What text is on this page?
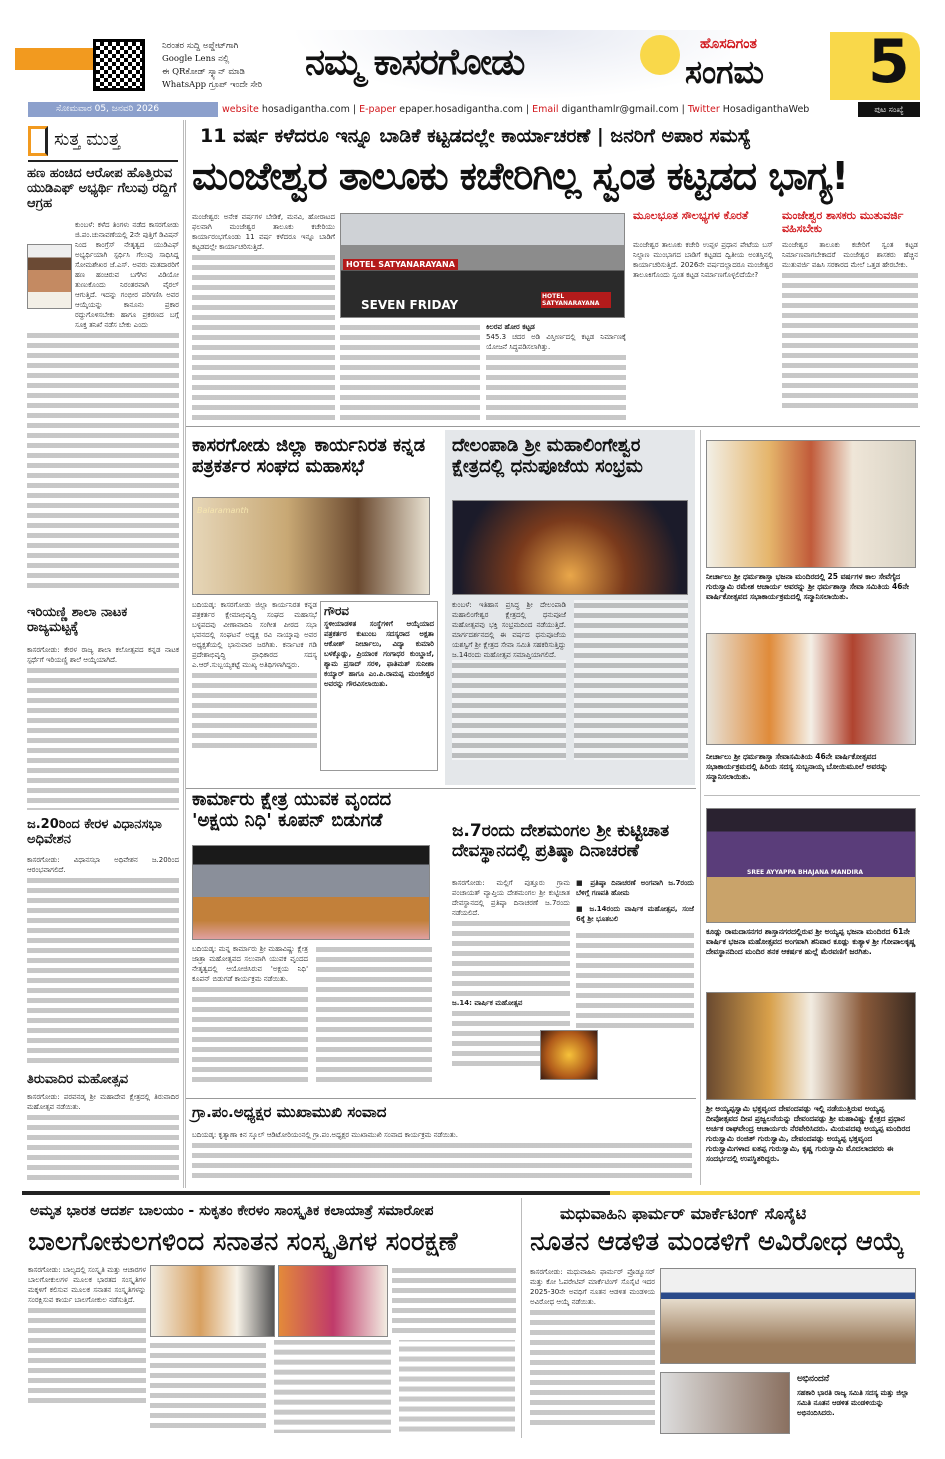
ನಿರಂತರ ಸುದ್ದಿ ಅಪ್ಡೇಟ್‌ಗಾಗಿ
Google Lens ನಲ್ಲಿ
ಈ QRಕೋಡ್ ಸ್ಕ್ಯಾನ್ ಮಾಡಿ
WhatsApp ಗ್ರೂಪ್ ಇಂದೇ ಸೇರಿ
ನಮ್ಮ ಕಾಸರಗೋಡು	ಹೊಸದಿಗಂತ
ಸಂಗಮ 5
ಸೋಮವಾರ 05, ಜನವರಿ 2026	website hosadigantha.com | E-paper epaper.hosadigantha.com | Email diganthamlr@gmail.com | Twitter HosadiganthaWeb	ಪುಟ ಸಂಖ್ಯೆ
ಸುತ್ತ ಮುತ್ತ
ಹಣ ಹಂಚಿದ ಆರೋಪ ಹೊತ್ತಿರುವ ಯುಡಿಎಫ್ ಅಭ್ಯರ್ಥಿ ಗೆಲುವು ರದ್ದಿಗೆ ಆಗ್ರಹ
ಕುಂಬಳೆ: ಕಳೆದ ತಿಂಗಳು ನಡೆದ ಕಾಸರಗೋಡು ಜಿ.ಪಂ.ಚುನಾವಣೆಯಲ್ಲಿ 2ನೇ ಪುತ್ತಿಗೆ ಡಿವಿಷನ್ ನಿಂದ ಕಾಂಗ್ರೆಸ್ ನೇತೃತ್ವದ ಯುಡಿಎಫ್ ಅಭ್ಯರ್ಥಿಯಾಗಿ ಸ್ಪರ್ಧಿಸಿ ಗೆಲುವು ಸಾಧಿಸಿದ್ದ ಸೋಮಶೇಖರ ಜೆ.ಎಸ್. ಅವರು ಮತದಾರರಿಗೆ ಹಣ ಹಂಚಿರುವ ಬಗೆಗಿನ ವಿಡಿಯೋ ತುಣುಕೊಂದು ನಿರಂತರವಾಗಿ ವೈರಲ್ ಆಗುತ್ತಿದೆ. ಇದನ್ನು ಗಂಭೀರ ಪರಿಗಣಿಸಿ ಅವರ ಆಯ್ಕೆಯನ್ನು ಕಾನೂನು ಪ್ರಕಾರ ರದ್ದುಗೊಳಿಸಬೇಕು ಹಾಗೂ ಪ್ರಕರಣದ ಬಗ್ಗೆ ಸೂಕ್ತ ತನಿಖೆ ನಡೆಸ ಬೇಕು ಎಂದು
ಇರಿಯಣ್ಣಿ ಶಾಲಾ ನಾಟಕ ರಾಜ್ಯಮಟ್ಟಕ್ಕೆ
ಕಾಸರಗೋಡು: ಕೇರಳ ರಾಜ್ಯ ಶಾಲಾ ಕಲೋತ್ಸವದ ಕನ್ನಡ ನಾಟಕ ಸ್ಪರ್ಧೆಗೆ ಇರಿಯಣ್ಣಿ ಶಾಲೆ ಆಯ್ಕೆಯಾಗಿದೆ.
ಜ.20ರಿಂದ ಕೇರಳ ವಿಧಾನಸಭಾ ಅಧಿವೇಶನ
ಕಾಸರಗೋಡು: ವಿಧಾನಸಭಾ ಅಧಿವೇಶನ ಜ.20ರಿಂದ ಆರಂಭವಾಗಲಿದೆ.
ತಿರುವಾದಿರ ಮಹೋತ್ಸವ
ಕಾಸರಗೋಡು: ಪರವನಡ್ಕ ಶ್ರೀ ಮಹಾದೇವ ಕ್ಷೇತ್ರದಲ್ಲಿ ತಿರುವಾದಿರ ಮಹೋತ್ಸವ ನಡೆಯಿತು.
11 ವರ್ಷ ಕಳೆದರೂ ಇನ್ನೂ ಬಾಡಿಕೆ ಕಟ್ಟಡದಲ್ಲೇ ಕಾರ್ಯಾಚರಣೆ | ಜನರಿಗೆ ಅಪಾರ ಸಮಸ್ಯೆ
ಮಂಜೇಶ್ವರ ತಾಲೂಕು ಕಚೇರಿಗಿಲ್ಲ ಸ್ವಂತ ಕಟ್ಟಡದ ಭಾಗ್ಯ!
ಮಂಜೇಶ್ವರ: ಅನೇಕ ವರ್ಷಗಳ ಬೇಡಿಕೆ, ಮನವಿ, ಹೋರಾಟದ ಫಲವಾಗಿ ಮಂಜೇಶ್ವರ ತಾಲೂಕು ಕಚೇರಿಯು ಕಾರ್ಯಾರಂಭಗೊಂಡು 11 ವರ್ಷ ಕಳೆದರೂ ಇನ್ನೂ ಬಾಡಿಗೆ ಕಟ್ಟಡದಲ್ಲೇ ಕಾರ್ಯಾಚರಿಸುತ್ತಿದೆ.
HOTEL SATYANARAYANA
SEVEN FRIDAY
HOTEL SATYANARAYANA
ಕಿಲರವ ಹೋರ ಕಟ್ಟಡ
545.3 ಚದರ ಅಡಿ ವಿಸ್ತೀರ್ಣದಲ್ಲಿ ಕಟ್ಟಡ ನಿರ್ಮಾಣಕ್ಕೆ ಯೋಜನೆ ಸಿದ್ಧಪಡಿಸಲಾಗಿತ್ತು.
ಮೂಲಭೂತ ಸೌಲಭ್ಯಗಳ ಕೊರತೆ
ಮಂಜೇಶ್ವರ ತಾಲೂಕು ಕಚೇರಿ ಉಪ್ಪಳ ಪ್ರಧಾನ ಪೇಟೆಯ ಬಸ್ ನಿಲ್ದಾಣ ಮುಂಭಾಗದ ಬಾಡಿಗೆ ಕಟ್ಟಡದ ದ್ವಿತೀಯ ಅಂತಸ್ತಿನಲ್ಲಿ ಕಾರ್ಯಾಚರಿಸುತ್ತಿದೆ. 2026ನೇ ವರ್ಷದಲ್ಲಾದರೂ ಮಂಜೇಶ್ವರ ತಾಲೂಕಿಗೊಂದು ಸ್ವಂತ ಕಟ್ಟಡ ನಿರ್ಮಾಣಗೊಳ್ಳಲಿದೆಯೇ?
ಮಂಜೇಶ್ವರ ಶಾಸಕರು ಮುತುವರ್ಜಿ ವಹಿಸಬೇಕು
ಮಂಜೇಶ್ವರ ತಾಲೂಕು ಕಚೇರಿಗೆ ಸ್ವಂತ ಕಟ್ಟಡ ನಿರ್ಮಾಣವಾಗಬೇಕಾದರೆ ಮಂಜೇಶ್ವರ ಶಾಸಕರು ಹೆಚ್ಚಿನ ಮುತುವರ್ಜಿ ವಹಿಸಿ ಸರಕಾರದ ಮೇಲೆ ಒತ್ತಡ ಹೇರಬೇಕು.
ಕಾಸರಗೋಡು ಜಿಲ್ಲಾ ಕಾರ್ಯನಿರತ ಕನ್ನಡ ಪತ್ರಕರ್ತರ ಸಂಘದ ಮಹಾಸಭೆ
Balaramanth
ಬದಿಯಡ್ಕ: ಕಾಸರಗೋಡು ಜಿಲ್ಲಾ ಕಾರ್ಯನಿರತ ಕನ್ನಡ ಪತ್ರಕರ್ತರ ಕ್ಷೇಮಾಭಿವೃದ್ಧಿ ಸಂಘದ ಮಹಾಸಭೆ ಬಳ್ಳಪದವು ವೀಣಾವಾದಿನಿ ಸಂಗೀತ ಪೀಠದ ಸಭಾ ಭವನದಲ್ಲಿ ಸಂಘಟನೆ ಅಧ್ಯಕ್ಷ ರವಿ ನಾಯ್ಕಾಪು ಅವರ ಅಧ್ಯಕ್ಷತೆಯಲ್ಲಿ ಭಾನುವಾರ ಜರಗಿತು. ಕರ್ನಾಟಕ ಗಡಿ ಪ್ರದೇಶಾಭಿವೃದ್ಧಿ ಪ್ರಾಧಿಕಾರದ ಸದಸ್ಯ ಎ.ಆರ್.ಸುಬ್ಬಯ್ಯಕಟ್ಟೆ ಮುಖ್ಯ ಅತಿಥಿಗಳಾಗಿದ್ದರು.
ಗೌರವ
ಸ್ಥಳೀಯಾಡಳಿತ ಸಂಸ್ಥೆಗಳಿಗೆ ಆಯ್ಕೆಯಾದ ಪತ್ರಕರ್ತರ ಕುಟುಂಬ ಸದಸ್ಯರಾದ ಅಕ್ಷತಾ ಆಕೋಶ್ ನೀರ್ಚಾಲು, ವಿದ್ಯಾ ಕುಮಾರಿ ಬಳಕ್ಕೊಡ್ಲು, ಪ್ರಿಯಾಂಕ ಗಂಗಾಧರ ಕುಂಬ್ಡಾಜೆ, ಶ್ಯಾಮ ಪ್ರಸಾದ್ ಸರಳಿ, ಫಾತಿಮತ್ ಸುನೀಶಾ ಕಯ್ಯಾರ್ ಹಾಗೂ ಎಂ.ಪಿ.ರಾಮಪ್ಪ ಮಂಜೇಶ್ವರ ಅವರನ್ನು ಗೌರವಿಸಲಾಯಿತು.
ದೇಲಂಪಾಡಿ ಶ್ರೀ ಮಹಾಲಿಂಗೇಶ್ವರ ಕ್ಷೇತ್ರದಲ್ಲಿ ಧನುಪೂಜೆಯ ಸಂಭ್ರಮ
ಕುಂಬಳೆ: ಇತಿಹಾಸ ಪ್ರಸಿದ್ಧ ಶ್ರೀ ದೇಲಂಪಾಡಿ ಮಹಾಲಿಂಗೇಶ್ವರ ಕ್ಷೇತ್ರದಲ್ಲಿ ಧನುಪೂಜೆ ಮಹೋತ್ಸವವು ಭಕ್ತಿ ಸಂಭ್ರಮದಿಂದ ನಡೆಯುತ್ತಿದೆ. ಮಾರ್ಗದರ್ಶನದಲ್ಲಿ ಈ ವರ್ಷದ ಧನುಪೂಜೆಯ ಯಶಸ್ವಿಗೆ ಶ್ರೀ ಕ್ಷೇತ್ರದ ಸೇವಾ ಸಮಿತಿ ಸಹಕರಿಸುತ್ತಿದ್ದು ಜ.14ರಂದು ಮಹೋತ್ಸವ ಸಮಾಪ್ತಿಯಾಗಲಿದೆ.
ನೀರ್ಚಾಲು ಶ್ರೀ ಧರ್ಮಶಾಸ್ತಾ ಭಜನಾ ಮಂದಿರದಲ್ಲಿ 25 ವರ್ಷಗಳ ಕಾಲ ಸೇವೆಗೈದ ಗುರುಸ್ವಾಮಿ ರಮೇಶ ಆಚಾರ್ಯ ಅವರನ್ನು ಶ್ರೀ ಧರ್ಮಶಾಸ್ತಾ ಸೇವಾ ಸಮಿತಿಯ 46ನೇ ವಾರ್ಷಿಕೋತ್ಸವದ ಸಭಾಕಾರ್ಯಕ್ರಮದಲ್ಲಿ ಸನ್ಮಾನಿಸಲಾಯಿತು.
ನೀರ್ಚಾಲು ಶ್ರೀ ಧರ್ಮಶಾಸ್ತಾ ಸೇವಾಸಮಿತಿಯ 46ನೇ ವಾರ್ಷಿಕೋತ್ಸವದ ಸಭಾಕಾರ್ಯಕ್ರಮದಲ್ಲಿ ಹಿರಿಯ ಸದಸ್ಯ ಸುಬ್ಬನಾಯ್ಕ ಬೋಯಿಮೂಲೆ ಅವರನ್ನು ಸನ್ಮಾನಿಸಲಾಯಿತು.
SREE AYYAPPA BHAJANA MANDIRA
ಕೂಡ್ಲು ರಾಮದಾಸನಗರ ಶಾಸ್ತಾನಗರದಲ್ಲಿರುವ ಶ್ರೀ ಅಯ್ಯಪ್ಪ ಭಜನಾ ಮಂದಿರದ 61ನೇ ವಾರ್ಷಿಕ ಭಜನಾ ಮಹೋತ್ಸವದ ಅಂಗವಾಗಿ ಶನಿವಾರ ಕೂಡ್ಲು ಕುತ್ಯಾಳ ಶ್ರೀ ಗೋಪಾಲಕೃಷ್ಣ ದೇವಸ್ಥಾನದಿಂದ ಮಂದಿರ ತನಕ ಆಕರ್ಷಕ ಹುಲ್ಲೆ ಮೆರವಣಿಗೆ ಜರಗಿತು.
ಶ್ರೀ ಅಯ್ಯಪ್ಪಸ್ವಾಮಿ ಭಕ್ತವೃಂದ ದೇವಂದಪಡ್ಪು ಇಲ್ಲಿ ನಡೆಯುತ್ತಿರುವ ಅಯ್ಯಪ್ಪ ದೀಪೋತ್ಸವದ ದೀಪ ಪ್ರಜ್ವಲನೆಯನ್ನು ದೇವಂದಪಡ್ಪು ಶ್ರೀ ಮಹಾವಿಷ್ಣು ಕ್ಷೇತ್ರದ ಪ್ರಧಾನ ಅರ್ಚಕ ರಾಘವೇಂದ್ರ ಆಚಾರ್ಯರು ನೆರವೇರಿಸಿದರು. ಮಿಯಪದವು ಅಯ್ಯಪ್ಪ ಮಂದಿರದ ಗುರುಸ್ವಾಮಿ ರಂಜಿತ್ ಗುರುಸ್ವಾಮಿ, ದೇವಂದಪಡ್ಪು ಅಯ್ಯಪ್ಪ ಭಕ್ತವೃಂದ ಗುರುಸ್ವಾಮಿಗಳಾದ ಐತಪ್ಪ ಗುರುಸ್ವಾಮಿ, ಕೃಷ್ಣ ಗುರುಸ್ವಾಮಿ ಮೊದಲಾದವರು ಈ ಸಂದರ್ಭದಲ್ಲಿ ಉಪಸ್ಥಿತರಿದ್ದರು.
ಕಾರ್ಮಾರು ಕ್ಷೇತ್ರ ಯುವಕ ವೃಂದದ 'ಅಕ್ಷಯ ನಿಧಿ' ಕೂಪನ್ ಬಿಡುಗಡೆ
ಬದಿಯಡ್ಕ: ಮನ್ನ ಕಾರ್ಮಾರು ಶ್ರೀ ಮಹಾವಿಷ್ಣು ಕ್ಷೇತ್ರ ಜಾತ್ರಾ ಮಹೋತ್ಸವದ ಸಲುವಾಗಿ ಯುವಕ ವೃಂದದ ನೇತೃತ್ವದಲ್ಲಿ ಆಯೋಜಿಸಿರುವ 'ಅಕ್ಷಯ ನಿಧಿ' ಕೂಪನ್ ಬಿಡುಗಡೆ ಕಾರ್ಯಕ್ರಮ ನಡೆಯಿತು.
ಜ.7ರಂದು ದೇಶಮಂಗಲ ಶ್ರೀ ಕುಟ್ಟಿಚಾತ ದೇವಸ್ಥಾನದಲ್ಲಿ ಪ್ರತಿಷ್ಠಾ ದಿನಾಚರಣೆ
ಕಾಸರಗೋಡು: ಮಲ್ಲಿಗೆ ಪುತ್ತೂರು ಗ್ರಾಮ ಪಂಚಾಯತ್ ವ್ಯಾಪ್ತಿಯ ದೇಶಮಂಗಲ ಶ್ರೀ ಕುಟ್ಟಿಚಾತ ದೇವಸ್ಥಾನದಲ್ಲಿ ಪ್ರತಿಷ್ಠಾ ದಿನಾಚರಣೆ ಜ.7ರಂದು ನಡೆಯಲಿದೆ.
ಜ.14: ವಾರ್ಷಿಕ ಮಹೋತ್ಸವ
■ ಪ್ರತಿಷ್ಠಾ ದಿನಾಚರಣೆ ಅಂಗವಾಗಿ ಜ.7ರಂದು ಬೆಳಿಗ್ಗೆ ಗಣಪತಿ ಹೋಮ
■ ಜ.14ರಂದು ವಾರ್ಷಿಕ ಮಹೋತ್ಸವ, ಸಂಜೆ 6ಕ್ಕೆ ಶ್ರೀ ಭೂತಬಲಿ
ಗ್ರಾ.ಪಂ.ಅಧ್ಯಕ್ಷರ ಮುಖಾಮುಖಿ ಸಂವಾದ
ಬದಿಯಡ್ಕ: ಕೃತ್ಯಾಣಾ ಕಿನ ಸ್ಕೂಲ್ ಆಡಿಟೋರಿಯಂನಲ್ಲಿ ಗ್ರಾ.ಪಂ.ಅಧ್ಯಕ್ಷರ ಮುಖಾಮುಖಿ ಸಂವಾದ ಕಾರ್ಯಕ್ರಮ ನಡೆಯಿತು.
ಅಮೃತ ಭಾರತ ಆದರ್ಶ ಬಾಲಯಂ - ಸುಕೃತಂ ಕೇರಳಂ ಸಾಂಸ್ಕೃತಿಕ ಕಲಾಯಾತ್ರೆ ಸಮಾರೋಪ
ಬಾಲಗೋಕುಲಗಳಿಂದ ಸನಾತನ ಸಂಸ್ಕೃತಿಗಳ ಸಂರಕ್ಷಣೆ
ಕಾಸರಗೋಡು: ಬಾಲ್ಯದಲ್ಲಿ ಸಂಸ್ಕೃತಿ ಮತ್ತು ಆಚಾರಗಳ ಬಾಲಗೋಕುಲಗಳ ಮೂಲಕ ಭಾರತದ ಸಂಸ್ಕೃತಿಗಳ ಮಕ್ಕಳಿಗೆ ಕಲಿಸುವ ಮೂಲಕ ಸನಾತನ ಸಂಸ್ಕೃತಿಗಳನ್ನು ಸಂರಕ್ಷಿಸುವ ಕಾರ್ಯ ಬಾಲಗೋಕುಲ ನಡೆಸುತ್ತಿದೆ.
ಮಧುವಾಹಿನಿ ಫಾರ್ಮರ್ ಮಾರ್ಕೆಟಿಂಗ್ ಸೊಸೈಟಿ
ನೂತನ ಆಡಳಿತ ಮಂಡಳಿಗೆ ಅವಿರೋಧ ಆಯ್ಕೆ
ಕಾಸರಗೋಡು: ಮಧುವಾಹಿನಿ ಫಾರ್ಮರ್ ಪ್ರೊಡ್ಯೂಸರ್ ಮತ್ತು ಕೋ ಓಪರೇಟಿವ್ ಮಾರ್ಕೆಟಿಂಗ್ ಸೊಸೈಟಿ ಇದರ 2025-30ನೇ ಅವಧಿಗೆ ನೂತನ ಆಡಳಿತ ಮಂಡಳಿಯ ಅವಿರೋಧ ಆಯ್ಕೆ ನಡೆಯಿತು.
ಅಭಿನಂದನೆ
ಸಹಕಾರಿ ಭಾರತಿ ರಾಜ್ಯ ಸಮಿತಿ ಸದಸ್ಯ ಮತ್ತು ಜಿಲ್ಲಾ ಸಮಿತಿ ನೂತನ ಆಡಳಿತ ಮಂಡಳಿಯನ್ನು ಅಭಿನಂದಿಸಿದರು.
